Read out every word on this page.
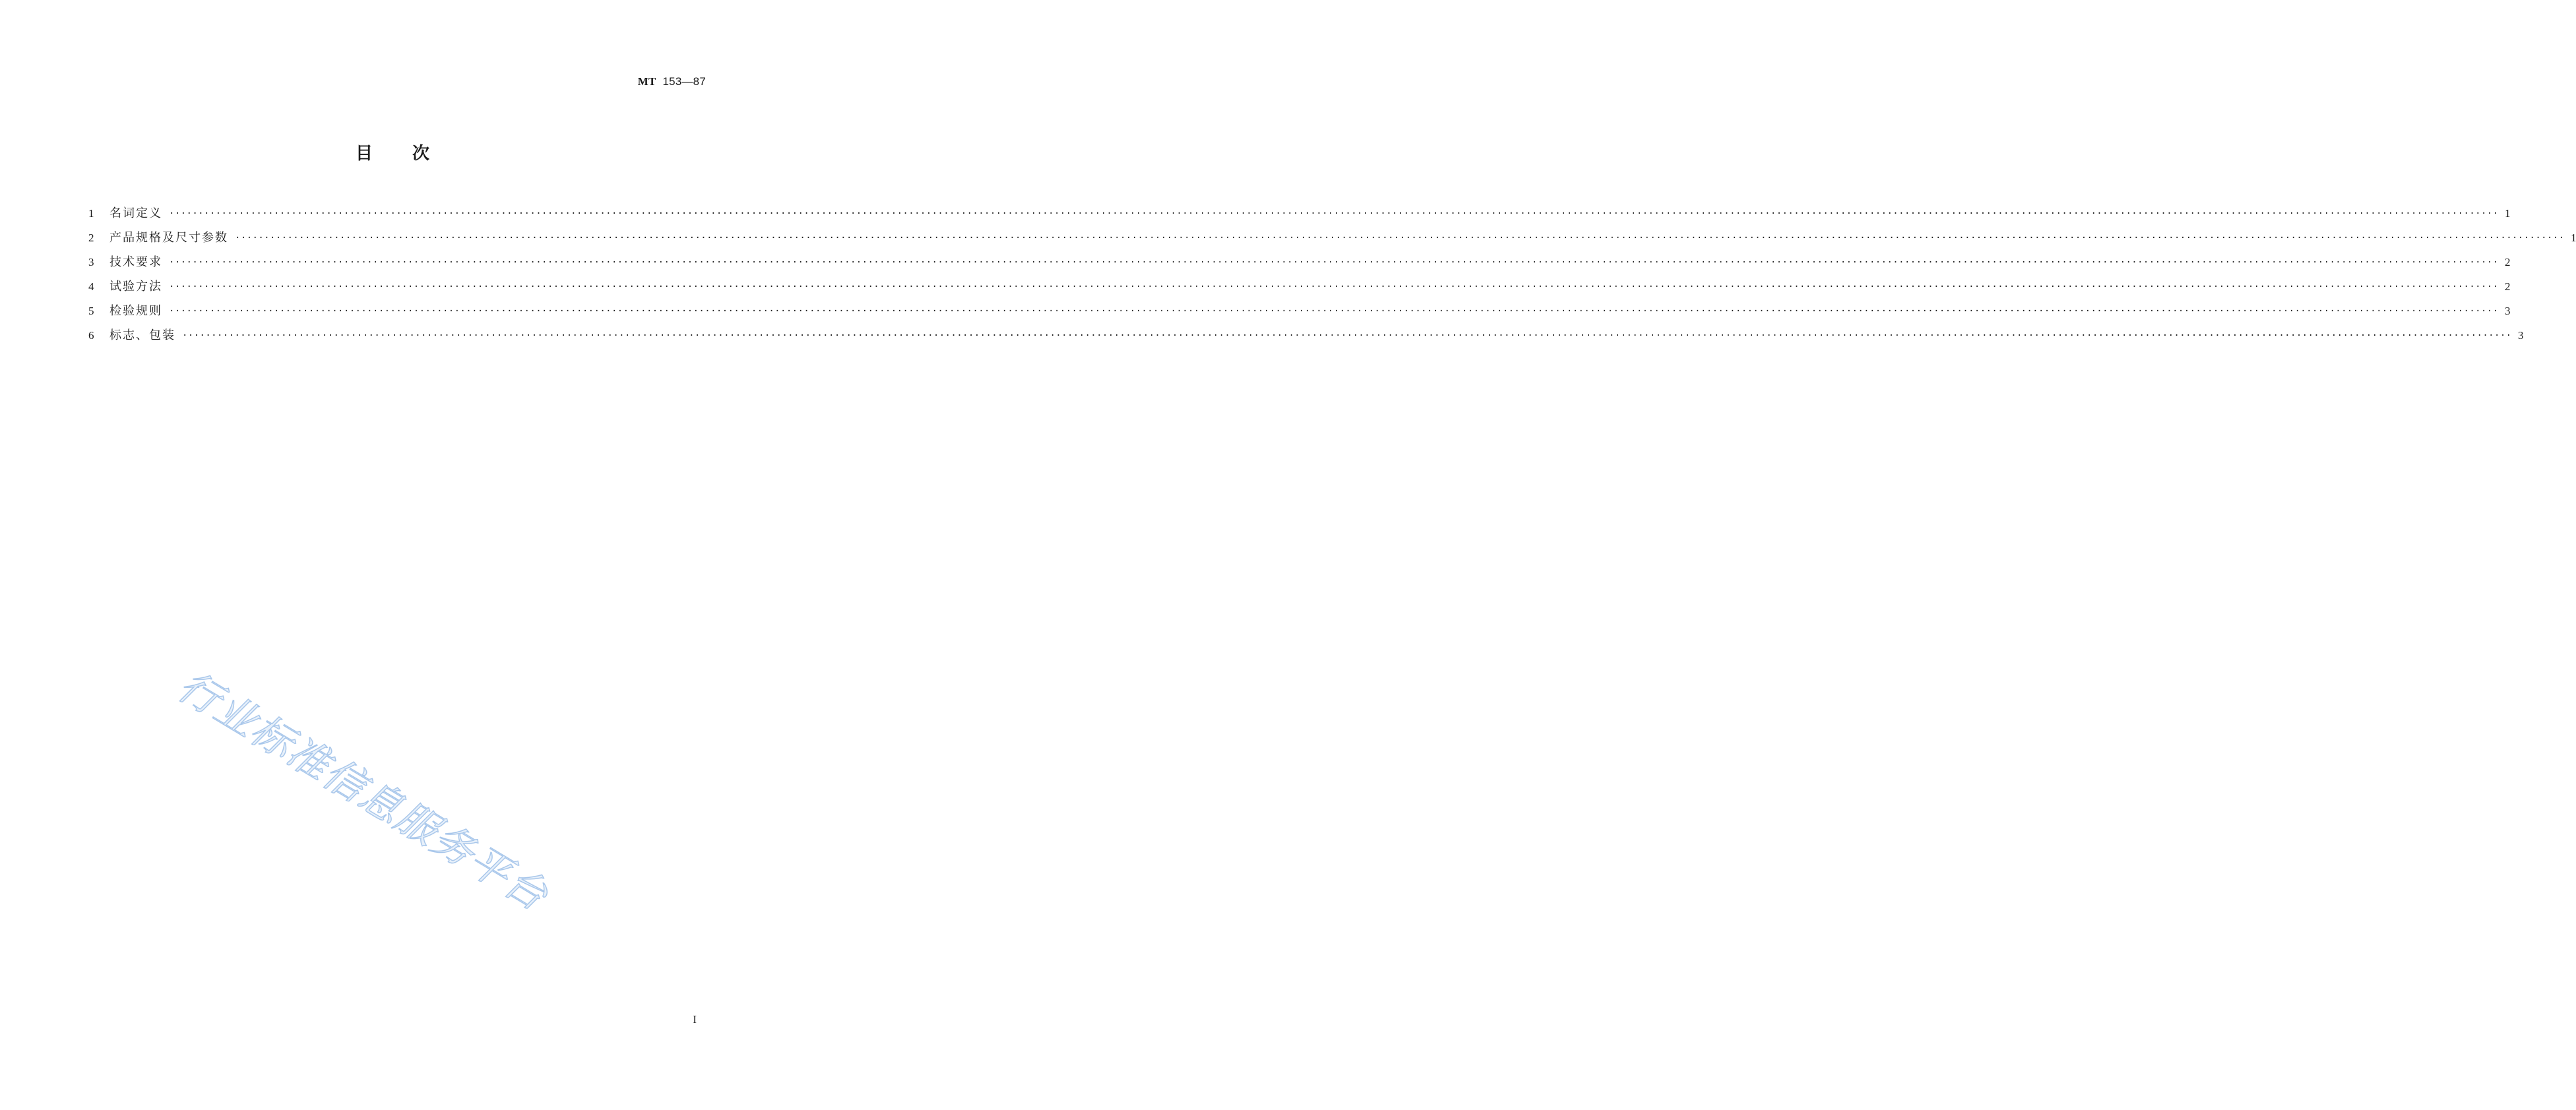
MT 153—87
目次
1	名词定义 ················································································································································································································································································································································································································ 1
2	产品规格及尺寸参数 ················································································································································································································································································································································································································ 1
3	技术要求 ················································································································································································································································································································································································································ 2
4	试验方法 ················································································································································································································································································································································································································ 2
5	检验规则 ················································································································································································································································································································································································································ 3
6	标志、包装 ················································································································································································································································································································································································································ 3
I
行业标准信息服务平台
